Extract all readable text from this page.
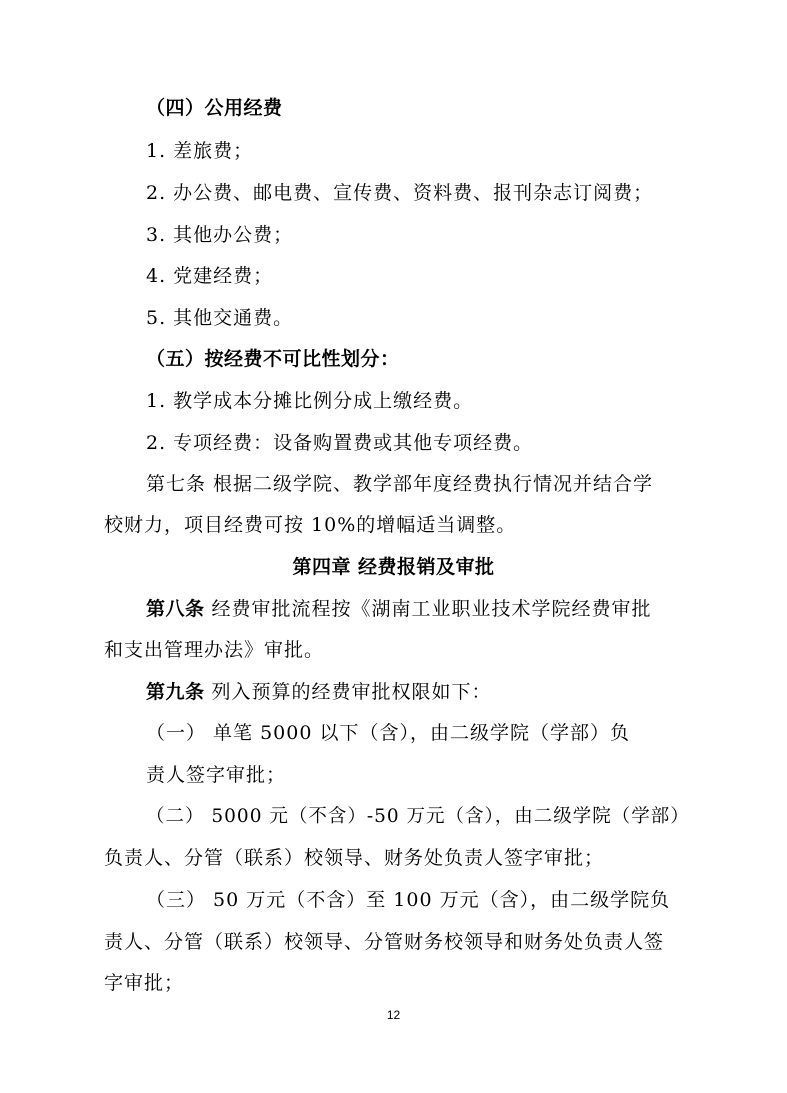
（四）公用经费
1. 差旅费；
2. 办公费、邮电费、宣传费、资料费、报刊杂志订阅费；
3. 其他办公费；
4. 党建经费；
5. 其他交通费。
（五）按经费不可比性划分：
1. 教学成本分摊比例分成上缴经费。
2. 专项经费：设备购置费或其他专项经费。
第七条 根据二级学院、教学部年度经费执行情况并结合学
校财力，项目经费可按 10%的增幅适当调整。
第四章 经费报销及审批
第八条 经费审批流程按《湖南工业职业技术学院经费审批
和支出管理办法》审批。
第九条 列入预算的经费审批权限如下：
（一） 单笔 5000 以下（含），由二级学院（学部）负
责人签字审批；
（二） 5000 元（不含）-50 万元（含），由二级学院（学部）
负责人、分管（联系）校领导、财务处负责人签字审批；
（三） 50 万元（不含）至 100 万元（含），由二级学院负
责人、分管（联系）校领导、分管财务校领导和财务处负责人签
字审批；
12
